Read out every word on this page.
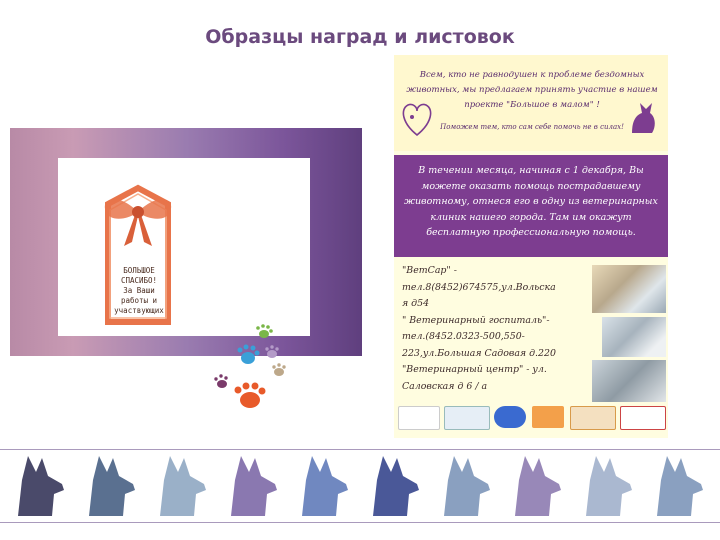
Образцы наград и листовок
БОЛЬШОЕ
СПАСИБО!
За Ваши
работы и
участвующих

Всем, кто не равнодушен к проблеме бездомных

животных, мы предлагаем принять участие в нашем

проекте "Большое в малом" !

Поможем тем, кто сам себе помочь не в силах!

В течении месяца, начиная с 1 декабря, Вы можете оказать помощь пострадавшему животному, отнеся его в одну из ветеринарных клиник нашего города. Там им окажут бесплатную профессиональную помощь.

"ВетСар" -
тел.8(8452)674575,ул.Вольска
я д54
" Ветеринарный госпиталь"-
тел.(8452.0323-500,550-
223,ул.Большая Садовая д.220
"Ветеринарный центр" - ул.
Саловская д 6 / а
